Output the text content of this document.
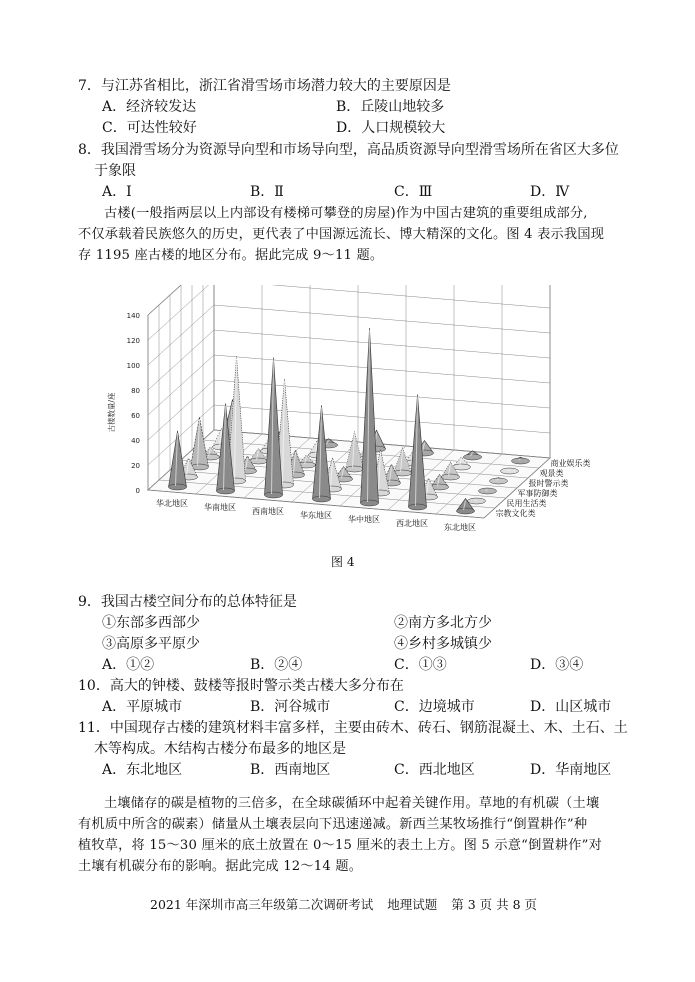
7．与江苏省相比，浙江省滑雪场市场潜力较大的主要原因是
A．经济较发达	B．丘陵山地较多
C．可达性较好	D．人口规模较大
8．我国滑雪场分为资源导向型和市场导向型，高品质资源导向型滑雪场所在省区大多位
于象限
A．Ⅰ	B．Ⅱ	C．Ⅲ	D．Ⅳ
古楼(一般指两层以上内部设有楼梯可攀登的房屋)作为中国古建筑的重要组成部分,
不仅承载着民族悠久的历史，更代表了中国源远流长、博大精深的文化。图 4 表示我国现
存 1195 座古楼的地区分布。据此完成 9～11 题。
0
20
40
60
80
100
120
140
古楼数量/座
华北地区 华南地区 西南地区 华东地区 华中地区 西北地区 东北地区
宗教文化类
民用生活类
军事防御类
报时警示类
观景类
商业娱乐类
图 4
9．我国古楼空间分布的总体特征是
①东部多西部少	②南方多北方少
③高原多平原少	④乡村多城镇少
A．①②	B．②④	C．①③	D．③④
10．高大的钟楼、鼓楼等报时警示类古楼大多分布在
A．平原城市	B．河谷城市	C．边境城市	D．山区城市
11．中国现存古楼的建筑材料丰富多样，主要由砖木、砖石、钢筋混凝土、木、土石、土
木等构成。木结构古楼分布最多的地区是
A．东北地区	B．西南地区	C．西北地区	D．华南地区
土壤储存的碳是植物的三倍多，在全球碳循环中起着关键作用。草地的有机碳（土壤
有机质中所含的碳素）储量从土壤表层向下迅速递减。新西兰某牧场推行“倒置耕作”种
植牧草，将 15～30 厘米的底土放置在 0～15 厘米的表土上方。图 5 示意“倒置耕作”对
土壤有机碳分布的影响。据此完成 12～14 题。
2021 年深圳市高三年级第二次调研考试 地理试题 第 3 页 共 8 页
